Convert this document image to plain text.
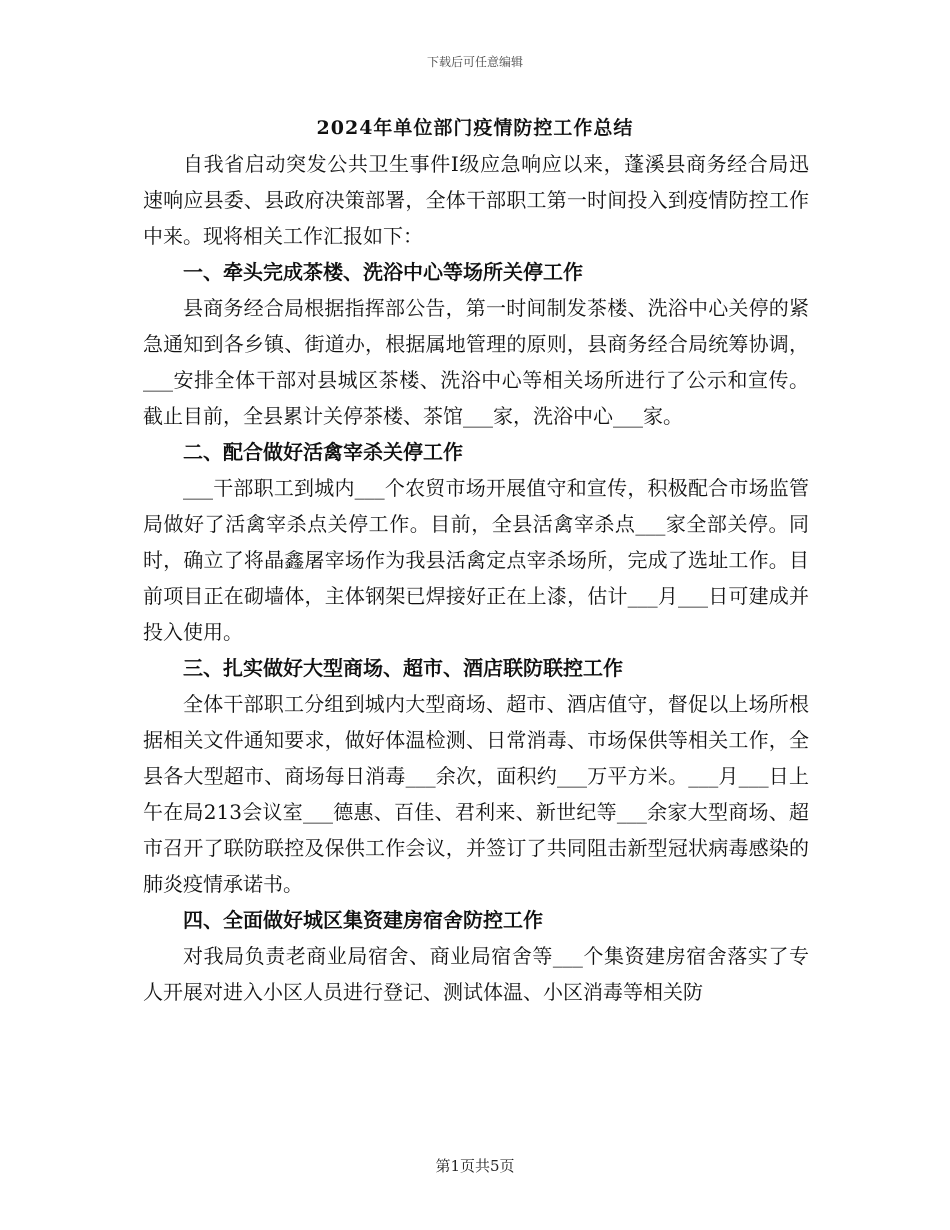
下载后可任意编辑
2024年单位部门疫情防控工作总结

自我省启动突发公共卫生事件Ⅰ级应急响应以来，蓬溪县商务经合局迅速响应县委、县政府决策部署，全体干部职工第一时间投入到疫情防控工作中来。现将相关工作汇报如下：

一、牵头完成茶楼、洗浴中心等场所关停工作

县商务经合局根据指挥部公告，第一时间制发茶楼、洗浴中心关停的紧急通知到各乡镇、街道办，根据属地管理的原则，县商务经合局统筹协调，___安排全体干部对县城区茶楼、洗浴中心等相关场所进行了公示和宣传。截止目前，全县累计关停茶楼、茶馆___家，洗浴中心___家。

二、配合做好活禽宰杀关停工作

___干部职工到城内___个农贸市场开展值守和宣传，积极配合市场监管局做好了活禽宰杀点关停工作。目前，全县活禽宰杀点___家全部关停。同时，确立了将晶鑫屠宰场作为我县活禽定点宰杀场所，完成了选址工作。目前项目正在砌墙体，主体钢架已焊接好正在上漆，估计___月___日可建成并投入使用。

三、扎实做好大型商场、超市、酒店联防联控工作

全体干部职工分组到城内大型商场、超市、酒店值守，督促以上场所根据相关文件通知要求，做好体温检测、日常消毒、市场保供等相关工作，全县各大型超市、商场每日消毒___余次，面积约___万平方米。___月___日上午在局213会议室___德惠、百佳、君利来、新世纪等___余家大型商场、超市召开了联防联控及保供工作会议，并签订了共同阻击新型冠状病毒感染的肺炎疫情承诺书。

四、全面做好城区集资建房宿舍防控工作

对我局负责老商业局宿舍、商业局宿舍等___个集资建房宿舍落实了专人开展对进入小区人员进行登记、测试体温、小区消毒等相关防

第1页共5页
